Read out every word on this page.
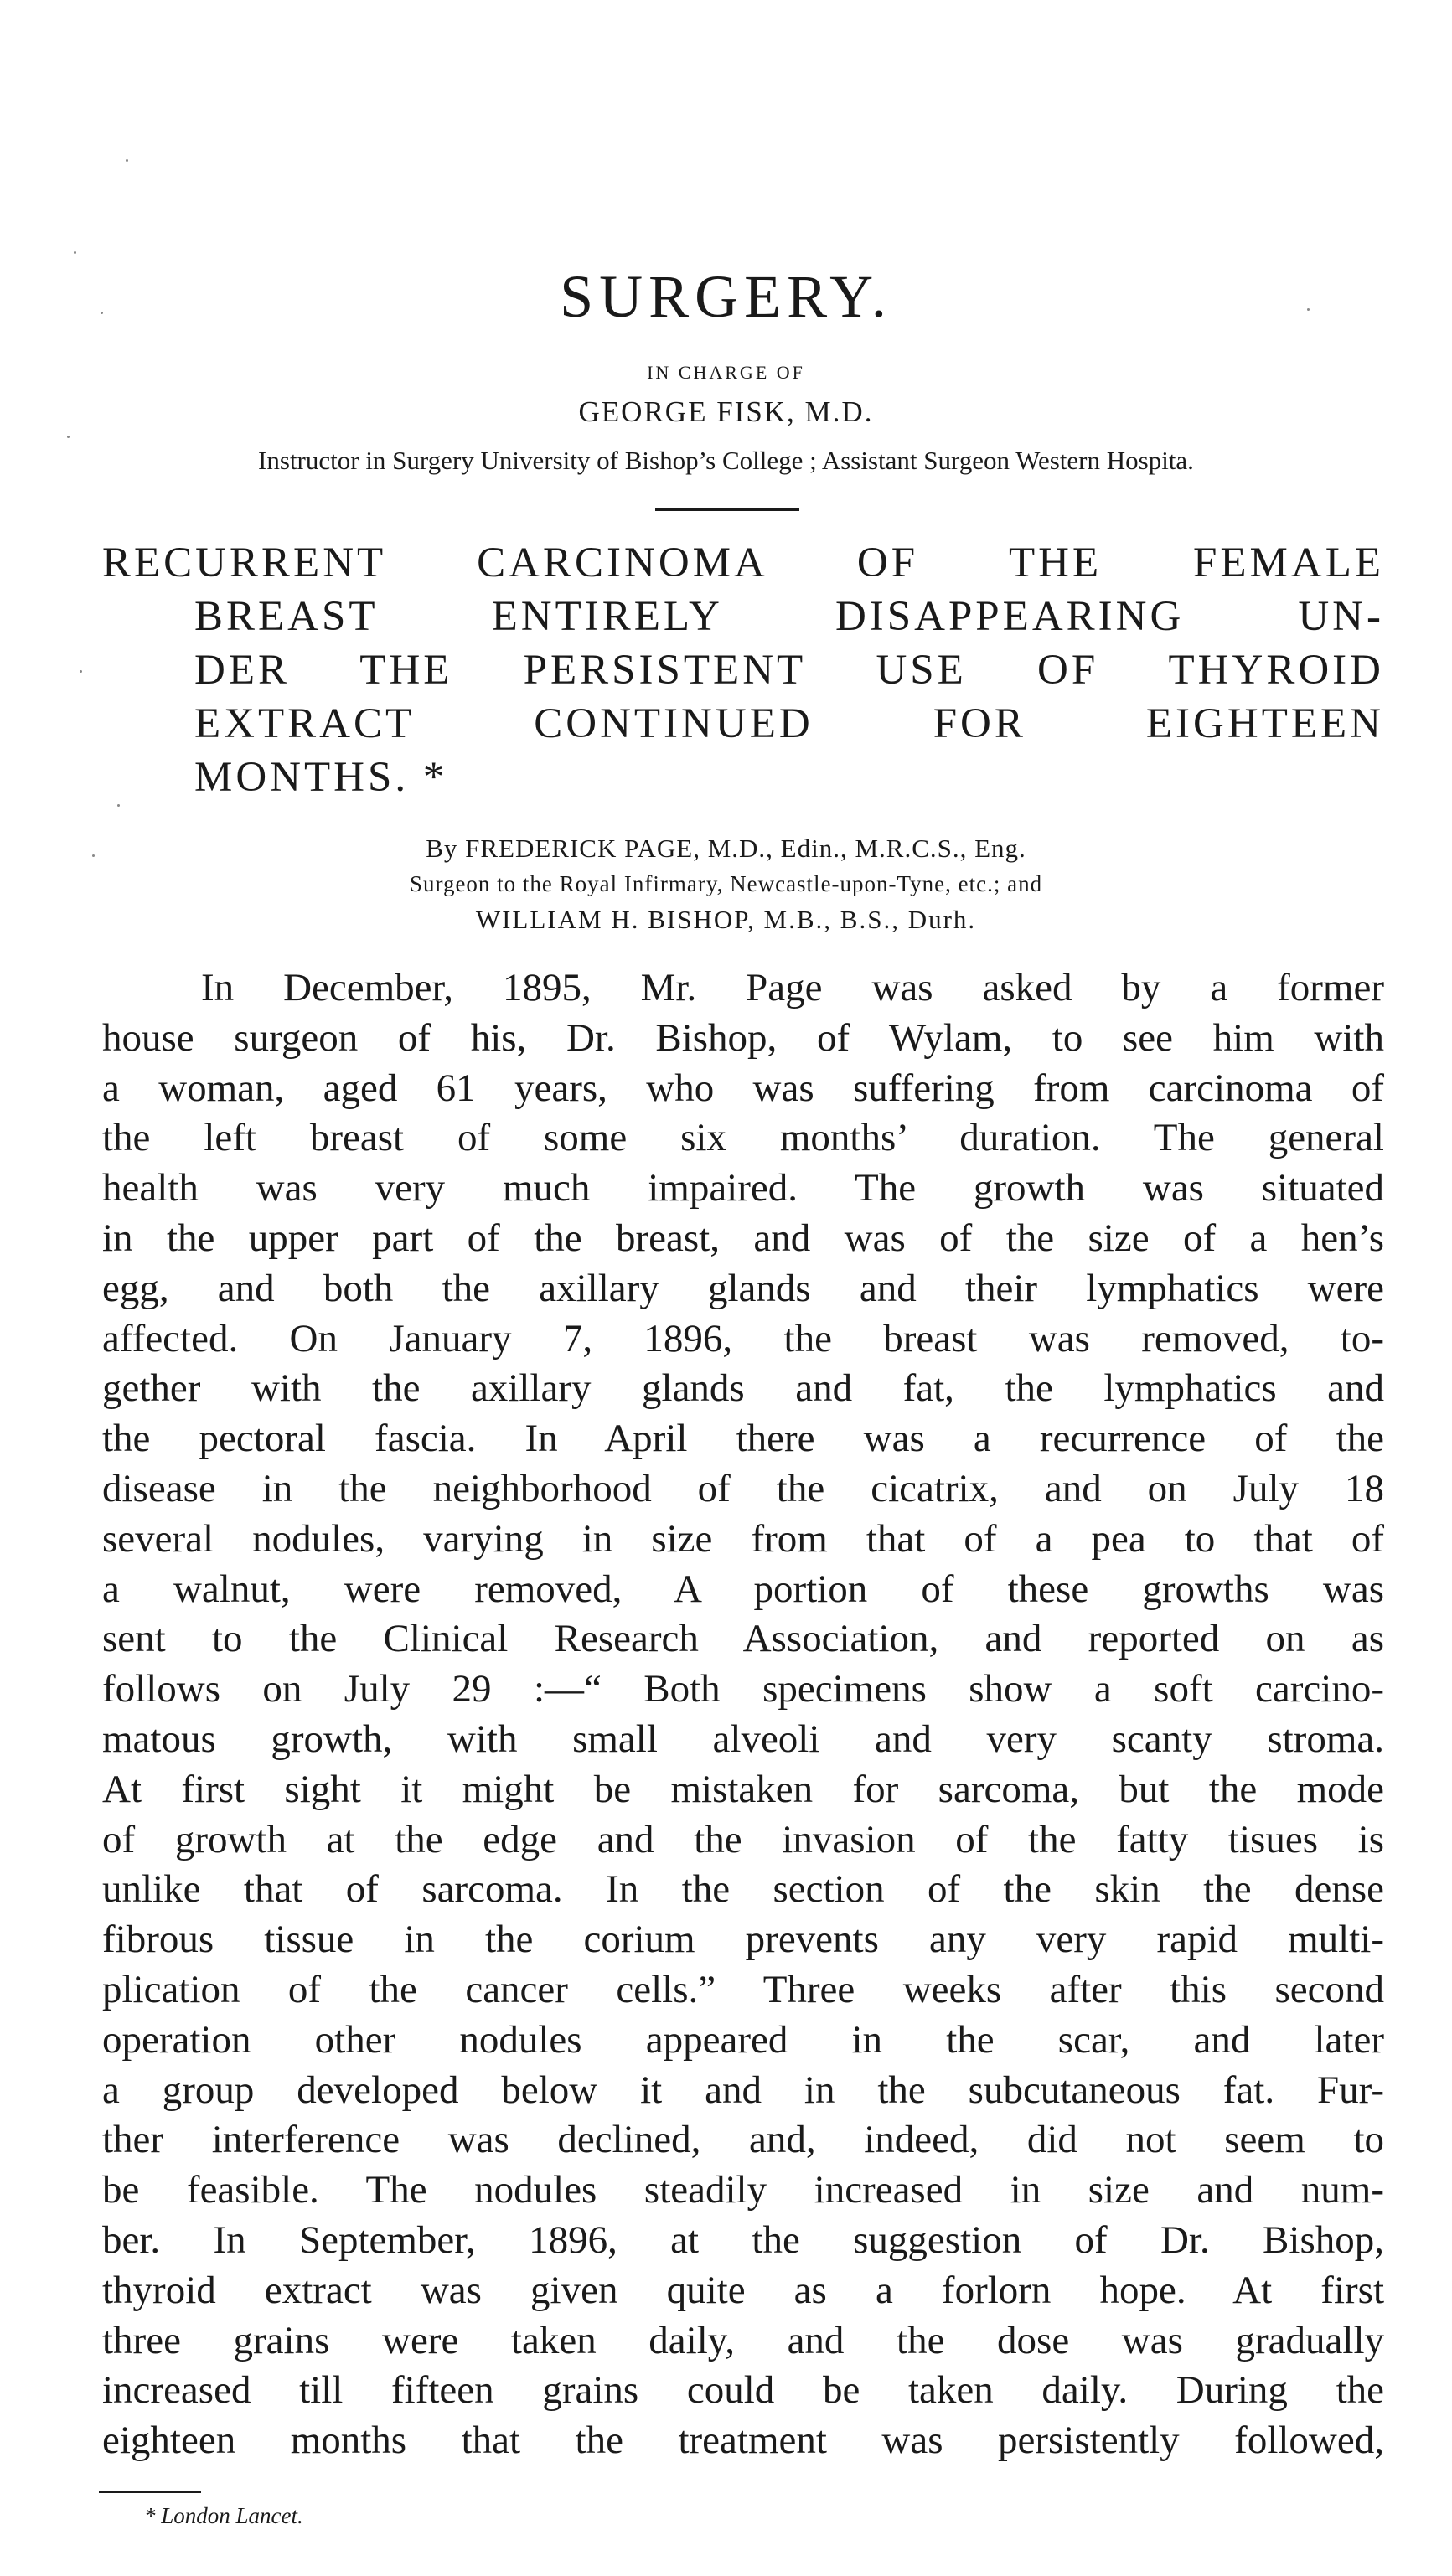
SURGERY.
IN CHARGE OF
GEORGE FISK, M.D.
Instructor in Surgery University of Bishop’s College ; Assistant Surgeon Western Hospita.
RECURRENT CARCINOMA OF THE FEMALE
BREAST ENTIRELY DISAPPEARING UN-
DER THE PERSISTENT USE OF THYROID
EXTRACT CONTINUED FOR EIGHTEEN
MONTHS. *
By FREDERICK PAGE, M.D., Edin., M.R.C.S., Eng.
Surgeon to the Royal Infirmary, Newcastle-upon-Tyne, etc.; and
WILLIAM H. BISHOP, M.B., B.S., Durh.
In December, 1895, Mr. Page was asked by a former
house surgeon of his, Dr. Bishop, of Wylam, to see him with
a woman, aged 61 years, who was suffering from carcinoma of
the left breast of some six months’ duration. The general
health was very much impaired. The growth was situated
in the upper part of the breast, and was of the size of a hen’s
egg, and both the axillary glands and their lymphatics were
affected. On January 7, 1896, the breast was removed, to-
gether with the axillary glands and fat, the lymphatics and
the pectoral fascia. In April there was a recurrence of the
disease in the neighborhood of the cicatrix, and on July 18
several nodules, varying in size from that of a pea to that of
a walnut, were removed, A portion of these growths was
sent to the Clinical Research Association, and reported on as
follows on July 29 :—“ Both specimens show a soft carcino-
matous growth, with small alveoli and very scanty stroma.
At first sight it might be mistaken for sarcoma, but the mode
of growth at the edge and the invasion of the fatty tisues is
unlike that of sarcoma. In the section of the skin the dense
fibrous tissue in the corium prevents any very rapid multi-
plication of the cancer cells.” Three weeks after this second
operation other nodules appeared in the scar, and later
a group developed below it and in the subcutaneous fat. Fur-
ther interference was declined, and, indeed, did not seem to
be feasible. The nodules steadily increased in size and num-
ber. In September, 1896, at the suggestion of Dr. Bishop,
thyroid extract was given quite as a forlorn hope. At first
three grains were taken daily, and the dose was gradually
increased till fifteen grains could be taken daily. During the
eighteen months that the treatment was persistently followed,
* London Lancet.
